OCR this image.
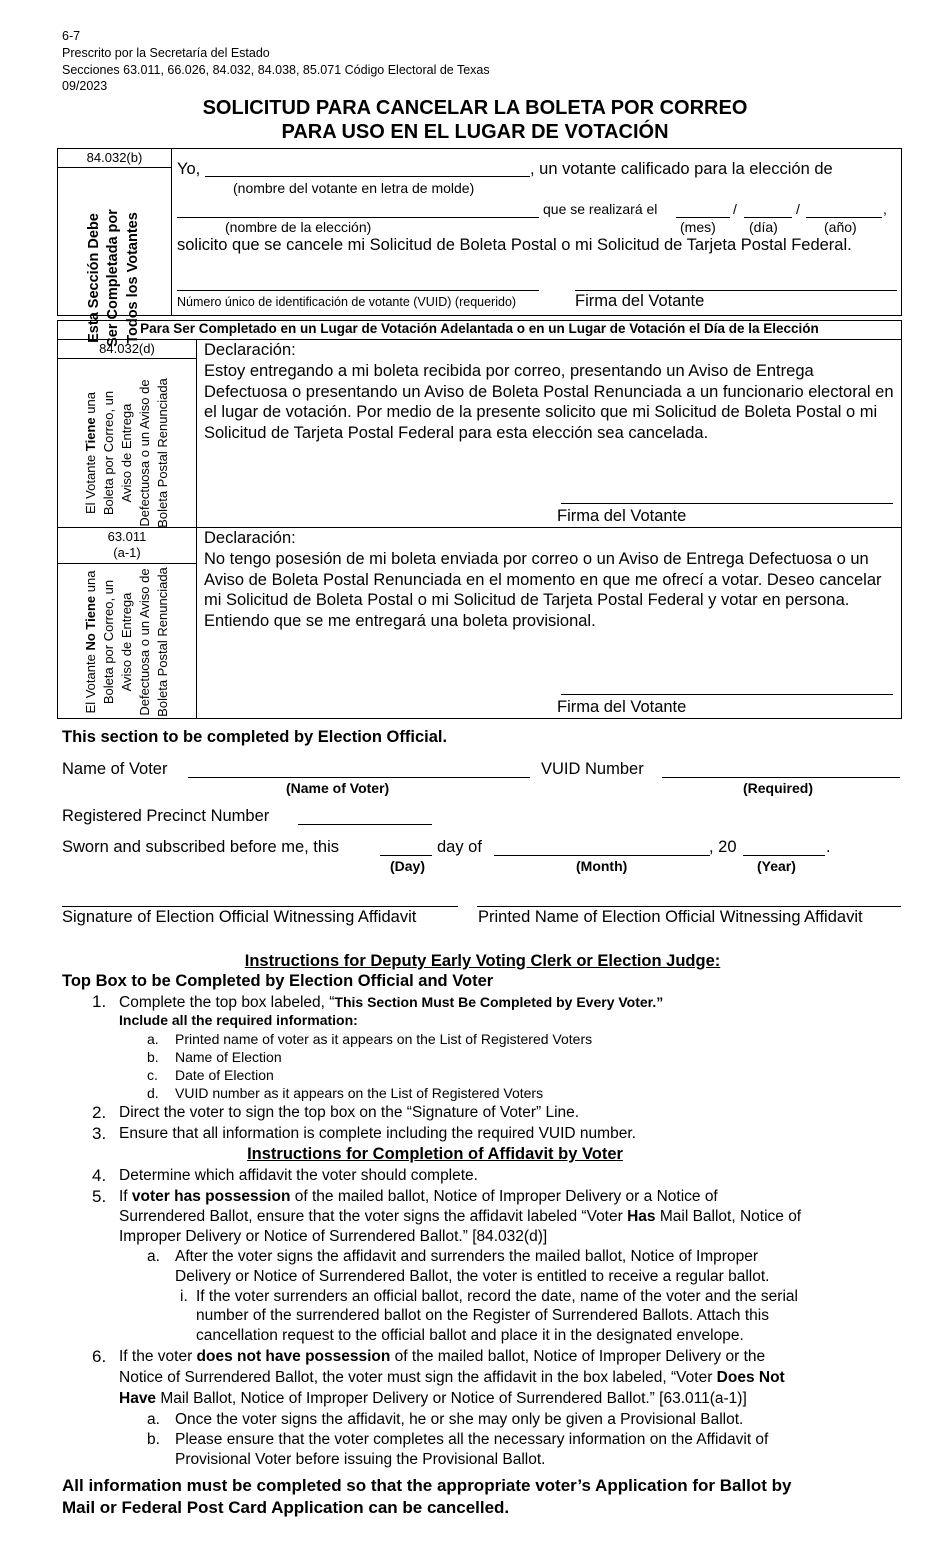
6-7
Prescrito por la Secretaría del Estado
Secciones 63.011, 66.026, 84.032, 84.038, 85.071 Código Electoral de Texas
09/2023
SOLICITUD PARA CANCELAR LA BOLETA POR CORREO
PARA USO EN EL LUGAR DE VOTACIÓN
84.032(b)
Esta Sección Debe Ser Completada por Todos los Votantes
Yo,	, un votante calificado para la elección de
(nombre del votante en letra de molde)
que se realizará el	/	/	,
(nombre de la elección)	(mes) (día)	(año)
solicito que se cancele mi Solicitud de Boleta Postal o mi Solicitud de Tarjeta Postal Federal.
Número único de identificación de votante (VUID) (requerido)	Firma del Votante
Para Ser Completado en un Lugar de Votación Adelantada o en un Lugar de Votación el Día de la Elección
84.032(d)
El Votante Tiene una Boleta por Correo, un Aviso de Entrega Defectuosa o un Aviso de Boleta Postal Renunciada
Declaración:
Estoy entregando a mi boleta recibida por correo, presentando un Aviso de Entrega Defectuosa o presentando un Aviso de Boleta Postal Renunciada a un funcionario electoral en el lugar de votación. Por medio de la presente solicito que mi Solicitud de Boleta Postal o mi Solicitud de Tarjeta Postal Federal para esta elección sea cancelada.
Firma del Votante
63.011
(a-1)
El Votante No Tiene una Boleta por Correo, un Aviso de Entrega Defectuosa o un Aviso de Boleta Postal Renunciada
Declaración:
No tengo posesión de mi boleta enviada por correo o un Aviso de Entrega Defectuosa o un Aviso de Boleta Postal Renunciada en el momento en que me ofrecí a votar. Deseo cancelar mi Solicitud de Boleta Postal o mi Solicitud de Tarjeta Postal Federal y votar en persona. Entiendo que se me entregará una boleta provisional.
Firma del Votante
This section to be completed by Election Official.
Name of Voter
(Name of Voter)
VUID Number
(Required)
Registered Precinct Number
Sworn and subscribed before me, this	day of	, 20	.
(Day)	(Month)	(Year)
Signature of Election Official Witnessing Affidavit	Printed Name of Election Official Witnessing Affidavit
Instructions for Deputy Early Voting Clerk or Election Judge:
Top Box to be Completed by Election Official and Voter
1. Complete the top box labeled, “This Section Must Be Completed by Every Voter.”
Include all the required information:
a. Printed name of voter as it appears on the List of Registered Voters
b. Name of Election
c. Date of Election
d. VUID number as it appears on the List of Registered Voters
2. Direct the voter to sign the top box on the “Signature of Voter” Line.
3. Ensure that all information is complete including the required VUID number.
Instructions for Completion of Affidavit by Voter
4. Determine which affidavit the voter should complete.
5. If voter has possession of the mailed ballot, Notice of Improper Delivery or a Notice of
Surrendered Ballot, ensure that the voter signs the affidavit labeled “Voter Has Mail Ballot, Notice of
Improper Delivery or Notice of Surrendered Ballot.” [84.032(d)]
a. After the voter signs the affidavit and surrenders the mailed ballot, Notice of Improper
Delivery or Notice of Surrendered Ballot, the voter is entitled to receive a regular ballot.
i. If the voter surrenders an official ballot, record the date, name of the voter and the serial
number of the surrendered ballot on the Register of Surrendered Ballots. Attach this
cancellation request to the official ballot and place it in the designated envelope.
6. If the voter does not have possession of the mailed ballot, Notice of Improper Delivery or the
Notice of Surrendered Ballot, the voter must sign the affidavit in the box labeled, “Voter Does Not
Have Mail Ballot, Notice of Improper Delivery or Notice of Surrendered Ballot.” [63.011(a-1)]
a. Once the voter signs the affidavit, he or she may only be given a Provisional Ballot.
b. Please ensure that the voter completes all the necessary information on the Affidavit of
Provisional Voter before issuing the Provisional Ballot.
All information must be completed so that the appropriate voter’s Application for Ballot by
Mail or Federal Post Card Application can be cancelled.
